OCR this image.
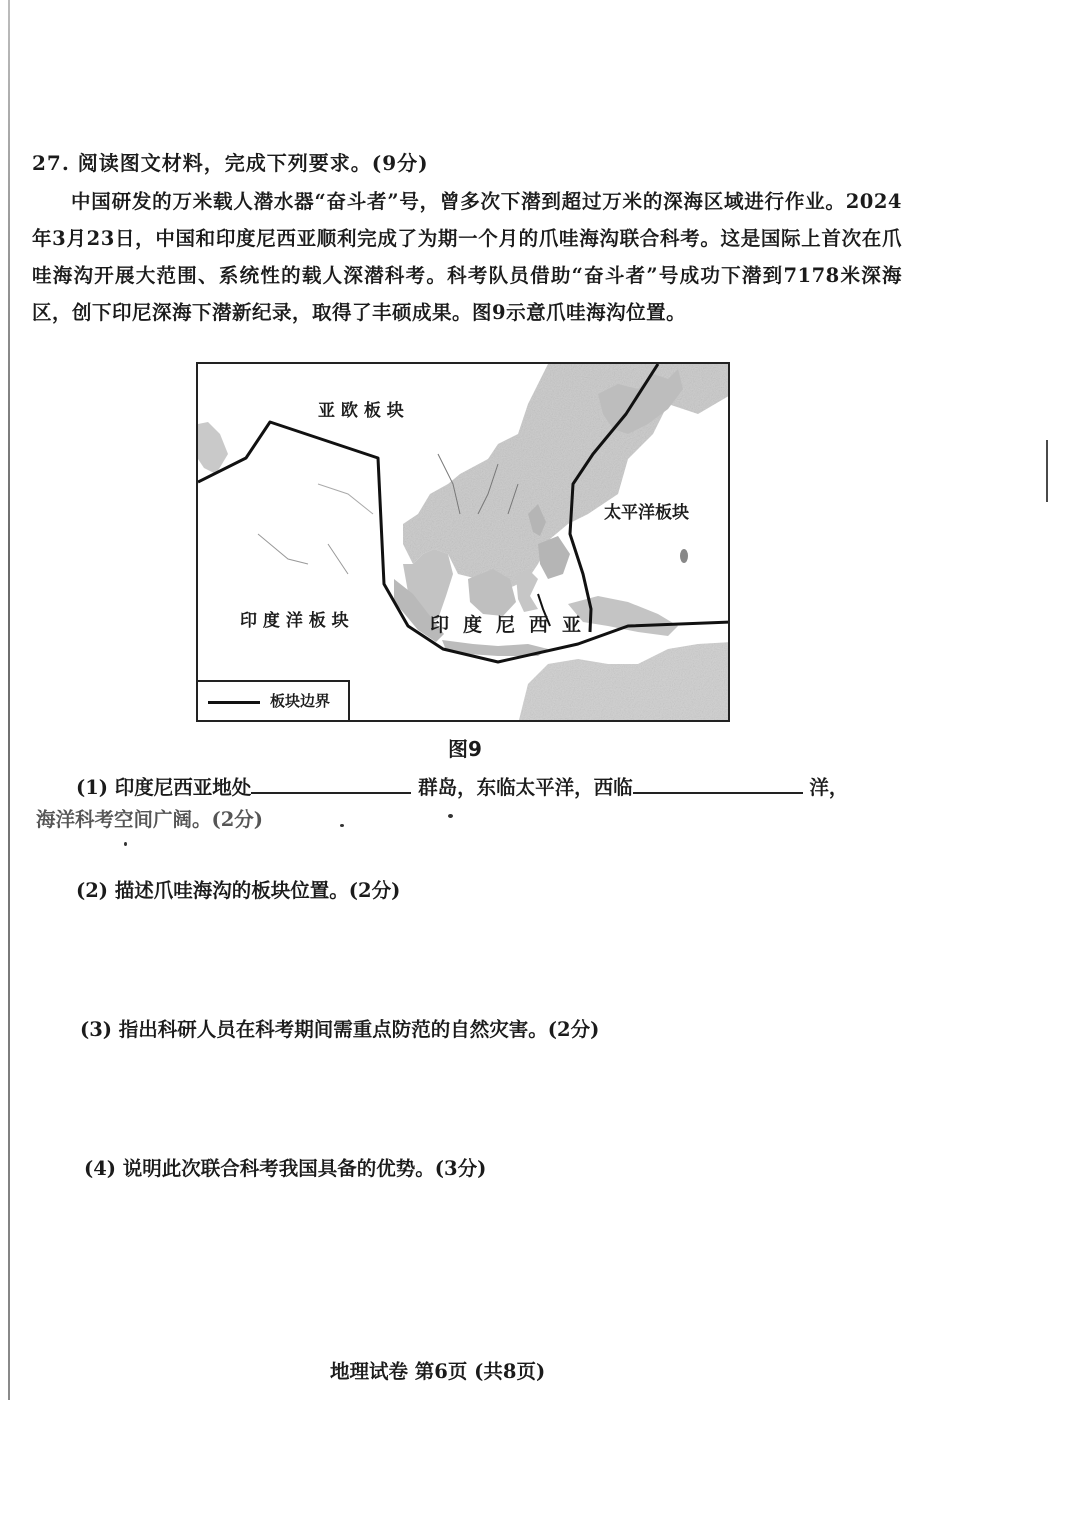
27. 阅读图文材料，完成下列要求。(9分)
中国研发的万米载人潜水器“奋斗者”号，曾多次下潜到超过万米的深海区域进行作业。2024年3月23日，中国和印度尼西亚顺利完成了为期一个月的爪哇海沟联合科考。这是国际上首次在爪哇海沟开展大范围、系统性的载人深潜科考。科考队员借助“奋斗者”号成功下潜到7178米深海区，创下印尼深海下潜新纪录，取得了丰硕成果。图9示意爪哇海沟位置。
亚 欧 板 块
太平洋板块
印 度 洋 板 块	印度尼西亚
板块边界
图9
(1) 印度尼西亚地处	群岛，东临太平洋，西临	洋，
海洋科考空间广阔。(2分)
(2) 描述爪哇海沟的板块位置。(2分)
(3) 指出科研人员在科考期间需重点防范的自然灾害。(2分)
(4) 说明此次联合科考我国具备的优势。(3分)
地理试卷 第6页 (共8页)
